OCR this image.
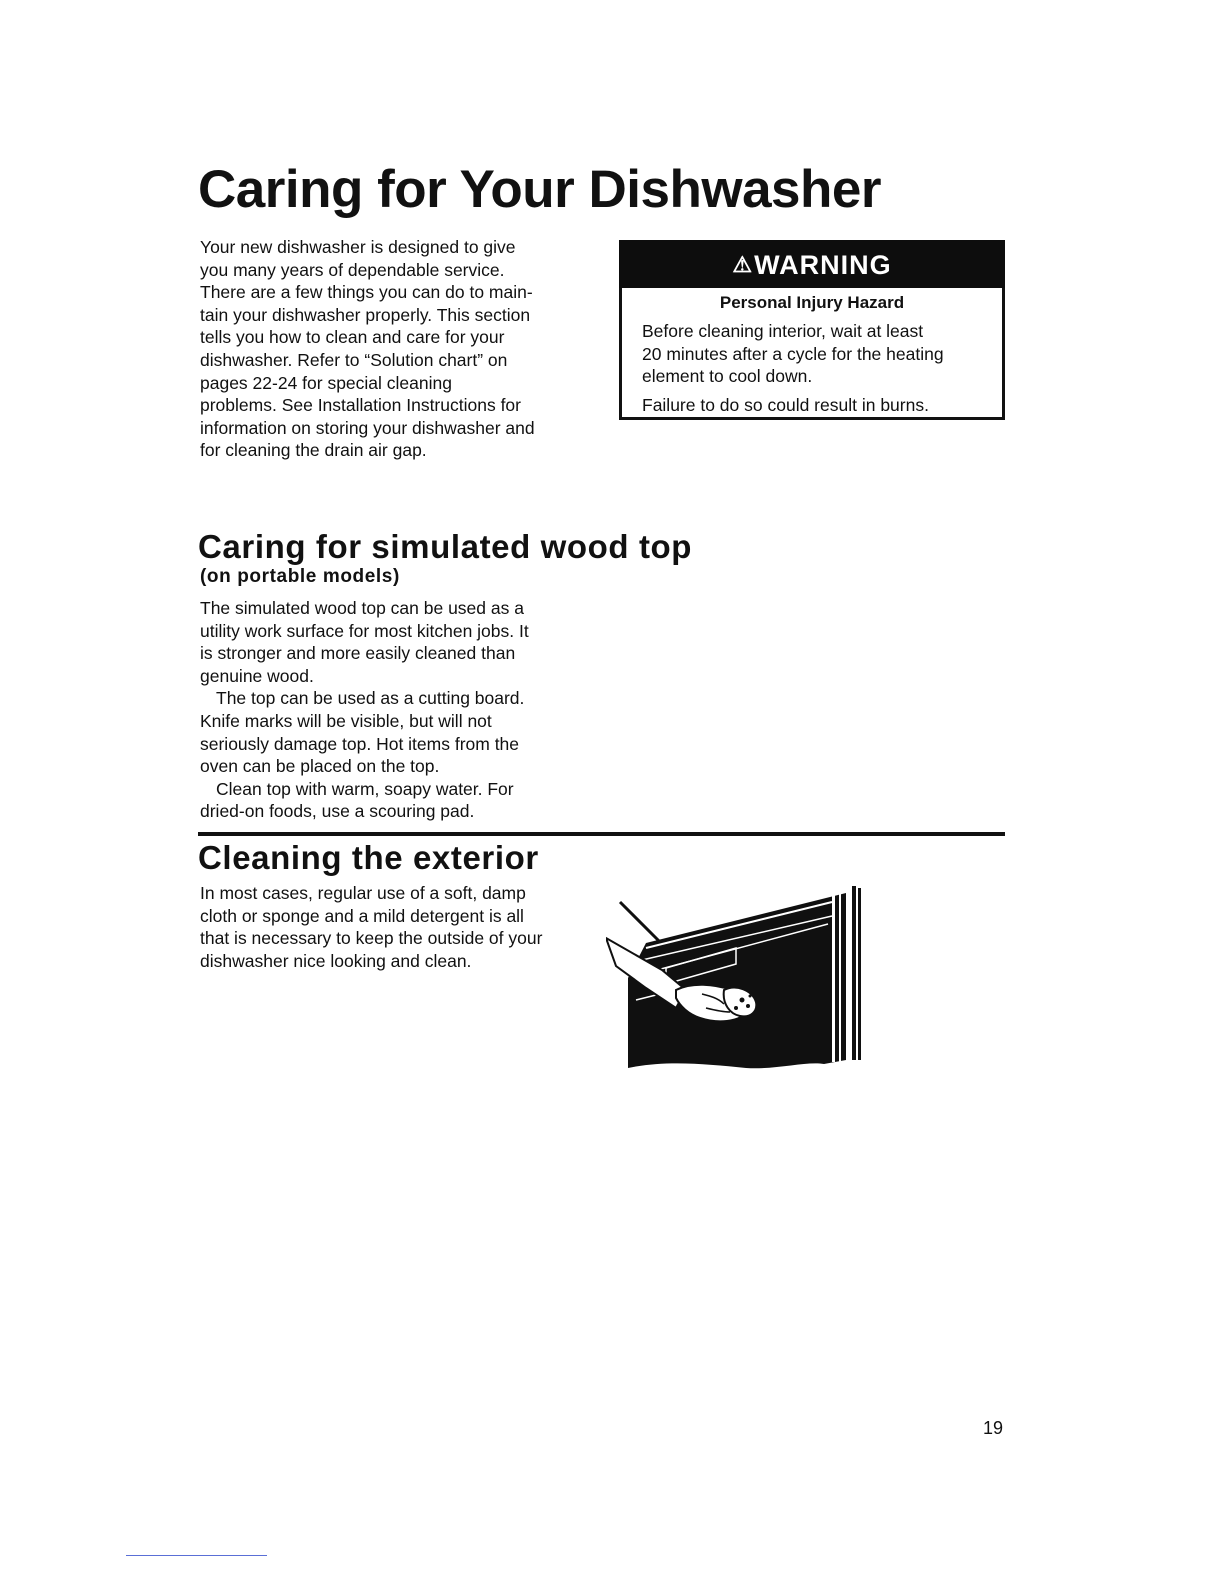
Caring for Your Dishwasher
Your new dishwasher is designed to give
you many years of dependable service.
There are a few things you can do to main-
tain your dishwasher properly. This section
tells you how to clean and care for your
dishwasher. Refer to “Solution chart” on
pages 22-24 for special cleaning
problems. See Installation Instructions for
information on storing your dishwasher and
for cleaning the drain air gap.
⚠WARNING
Personal Injury Hazard
Before cleaning interior, wait at least
20 minutes after a cycle for the heating
element to cool down.
Failure to do so could result in burns.
Caring for simulated wood top
(on portable models)
The simulated wood top can be used as a
utility work surface for most kitchen jobs. It
is stronger and more easily cleaned than
genuine wood.
The top can be used as a cutting board.
Knife marks will be visible, but will not
seriously damage top. Hot items from the
oven can be placed on the top.
Clean top with warm, soapy water. For
dried-on foods, use a scouring pad.
Cleaning the exterior
In most cases, regular use of a soft, damp
cloth or sponge and a mild detergent is all
that is necessary to keep the outside of your
dishwasher nice looking and clean.
19
